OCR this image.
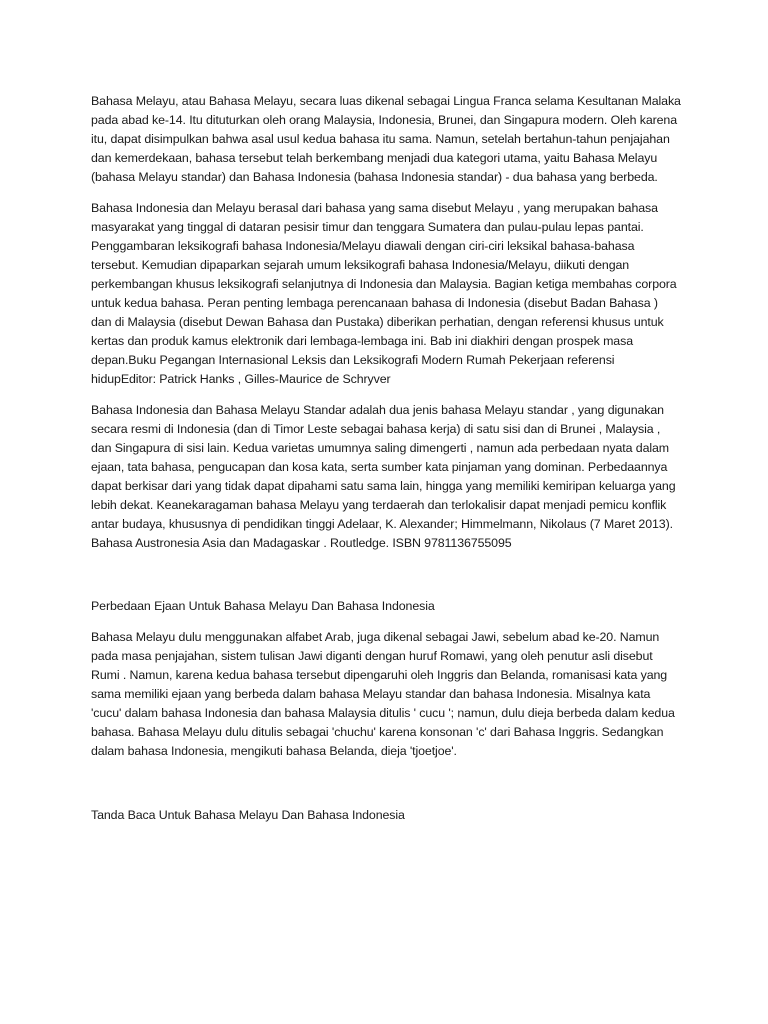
Bahasa Melayu, atau Bahasa Melayu, secara luas dikenal sebagai Lingua Franca selama Kesultanan Malaka pada abad ke-14. Itu dituturkan oleh orang Malaysia, Indonesia, Brunei, dan Singapura modern. Oleh karena itu, dapat disimpulkan bahwa asal usul kedua bahasa itu sama. Namun, setelah bertahun-tahun penjajahan dan kemerdekaan, bahasa tersebut telah berkembang menjadi dua kategori utama, yaitu Bahasa Melayu (bahasa Melayu standar) dan Bahasa Indonesia (bahasa Indonesia standar) - dua bahasa yang berbeda.

Bahasa Indonesia dan Melayu berasal dari bahasa yang sama disebut Melayu , yang merupakan bahasa masyarakat yang tinggal di dataran pesisir timur dan tenggara Sumatera dan pulau-pulau lepas pantai. Penggambaran leksikografi bahasa Indonesia/Melayu diawali dengan ciri-ciri leksikal bahasa-bahasa tersebut. Kemudian dipaparkan sejarah umum leksikografi bahasa Indonesia/Melayu, diikuti dengan perkembangan khusus leksikografi selanjutnya di Indonesia dan Malaysia. Bagian ketiga membahas corpora untuk kedua bahasa. Peran penting lembaga perencanaan bahasa di Indonesia (disebut Badan Bahasa ) dan di Malaysia (disebut Dewan Bahasa dan Pustaka) diberikan perhatian, dengan referensi khusus untuk kertas dan produk kamus elektronik dari lembaga-lembaga ini. Bab ini diakhiri dengan prospek masa depan.Buku Pegangan Internasional Leksis dan Leksikografi Modern Rumah Pekerjaan referensi hidupEditor: Patrick Hanks , Gilles-Maurice de Schryver

Bahasa Indonesia dan Bahasa Melayu Standar adalah dua jenis bahasa Melayu standar , yang digunakan secara resmi di Indonesia (dan di Timor Leste sebagai bahasa kerja) di satu sisi dan di Brunei , Malaysia , dan Singapura di sisi lain. Kedua varietas umumnya saling dimengerti , namun ada perbedaan nyata dalam ejaan, tata bahasa, pengucapan dan kosa kata, serta sumber kata pinjaman yang dominan. Perbedaannya dapat berkisar dari yang tidak dapat dipahami satu sama lain, hingga yang memiliki kemiripan keluarga yang lebih dekat. Keanekaragaman bahasa Melayu yang terdaerah dan terlokalisir dapat menjadi pemicu konflik antar budaya, khususnya di pendidikan tinggi Adelaar, K. Alexander; Himmelmann, Nikolaus (7 Maret 2013). Bahasa Austronesia Asia dan Madagaskar . Routledge. ISBN 9781136755095

Perbedaan Ejaan Untuk Bahasa Melayu Dan Bahasa Indonesia

Bahasa Melayu dulu menggunakan alfabet Arab, juga dikenal sebagai Jawi, sebelum abad ke-20. Namun pada masa penjajahan, sistem tulisan Jawi diganti dengan huruf Romawi, yang oleh penutur asli disebut Rumi . Namun, karena kedua bahasa tersebut dipengaruhi oleh Inggris dan Belanda, romanisasi kata yang sama memiliki ejaan yang berbeda dalam bahasa Melayu standar dan bahasa Indonesia. Misalnya kata 'cucu' dalam bahasa Indonesia dan bahasa Malaysia ditulis ' cucu '; namun, dulu dieja berbeda dalam kedua bahasa. Bahasa Melayu dulu ditulis sebagai 'chuchu' karena konsonan 'c' dari Bahasa Inggris. Sedangkan dalam bahasa Indonesia, mengikuti bahasa Belanda, dieja 'tjoetjoe'.

Tanda Baca Untuk Bahasa Melayu Dan Bahasa Indonesia
